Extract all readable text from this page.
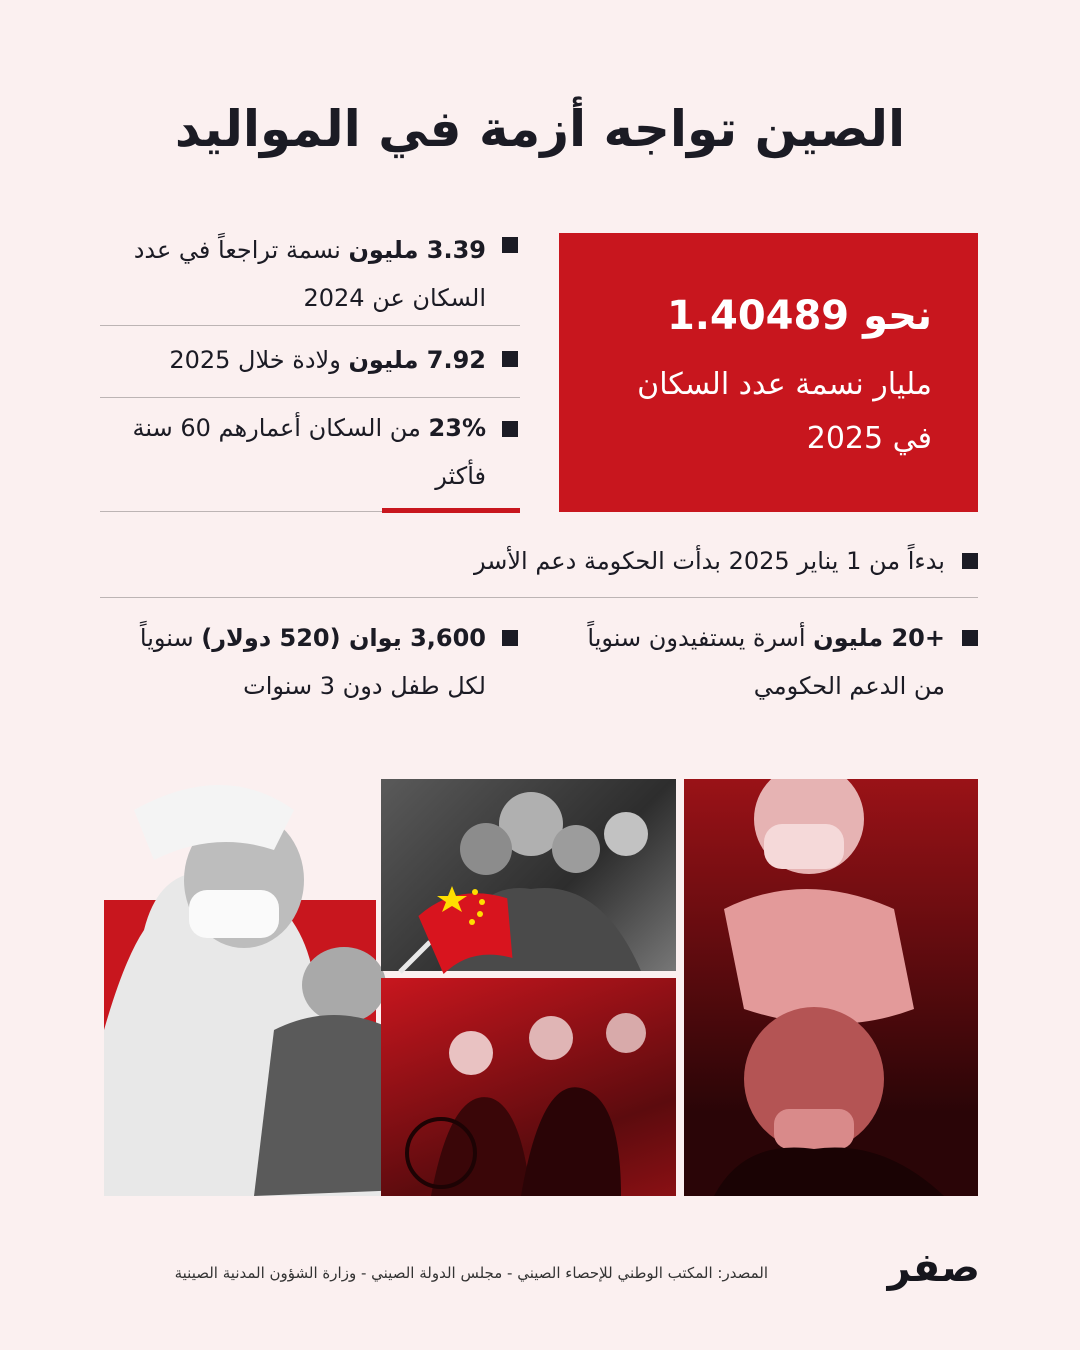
الصين تواجه أزمة في المواليد
3.39 مليون نسمة تراجعاً في عدد السكان عن 2024
7.92 مليون ولادة خلال 2025
23% من السكان أعمارهم 60 سنة فأكثر
نحو 1.40489
مليار نسمة عدد السكان في 2025
بدءاً من 1 يناير 2025 بدأت الحكومة دعم الأسر
+20 مليون أسرة يستفيدون سنوياً من الدعم الحكومي
3,600 يوان (520 دولار) سنوياً لكل طفل دون 3 سنوات
المصدر: المكتب الوطني للإحصاء الصيني - مجلس الدولة الصيني - وزارة الشؤون المدنية الصينية	صفر
